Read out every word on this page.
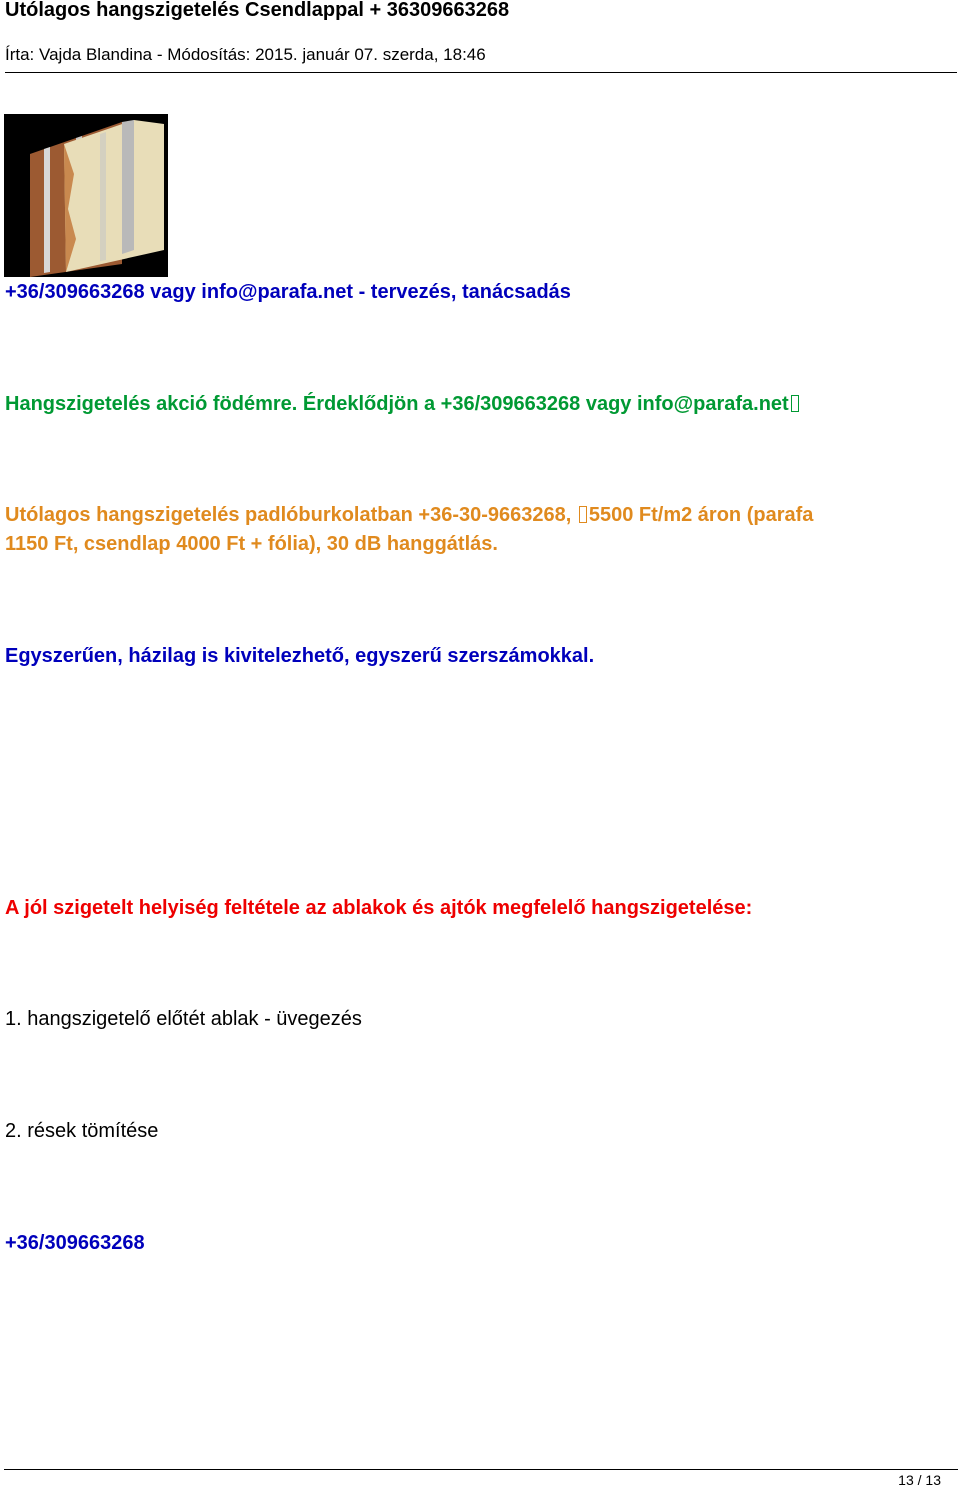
Utólagos hangszigetelés Csendlappal + 36309663268
Írta: Vajda Blandina - Módosítás: 2015. január 07. szerda, 18:46
+36/309663268 vagy info@parafa.net - tervezés, tanácsadás
Hangszigetelés akció födémre. Érdeklődjön a +36/309663268 vagy info@parafa.net
Utólagos hangszigetelés padlóburkolatban +36-30-9663268, 5500 Ft/m2 áron (parafa
1150 Ft, csendlap 4000 Ft + fólia), 30 dB hanggátlás.
Egyszerűen, házilag is kivitelezhető, egyszerű szerszámokkal.
A jól szigetelt helyiség feltétele az ablakok és ajtók megfelelő hangszigetelése:
1. hangszigetelő előtét ablak - üvegezés
2. rések tömítése
+36/309663268
13 / 13
